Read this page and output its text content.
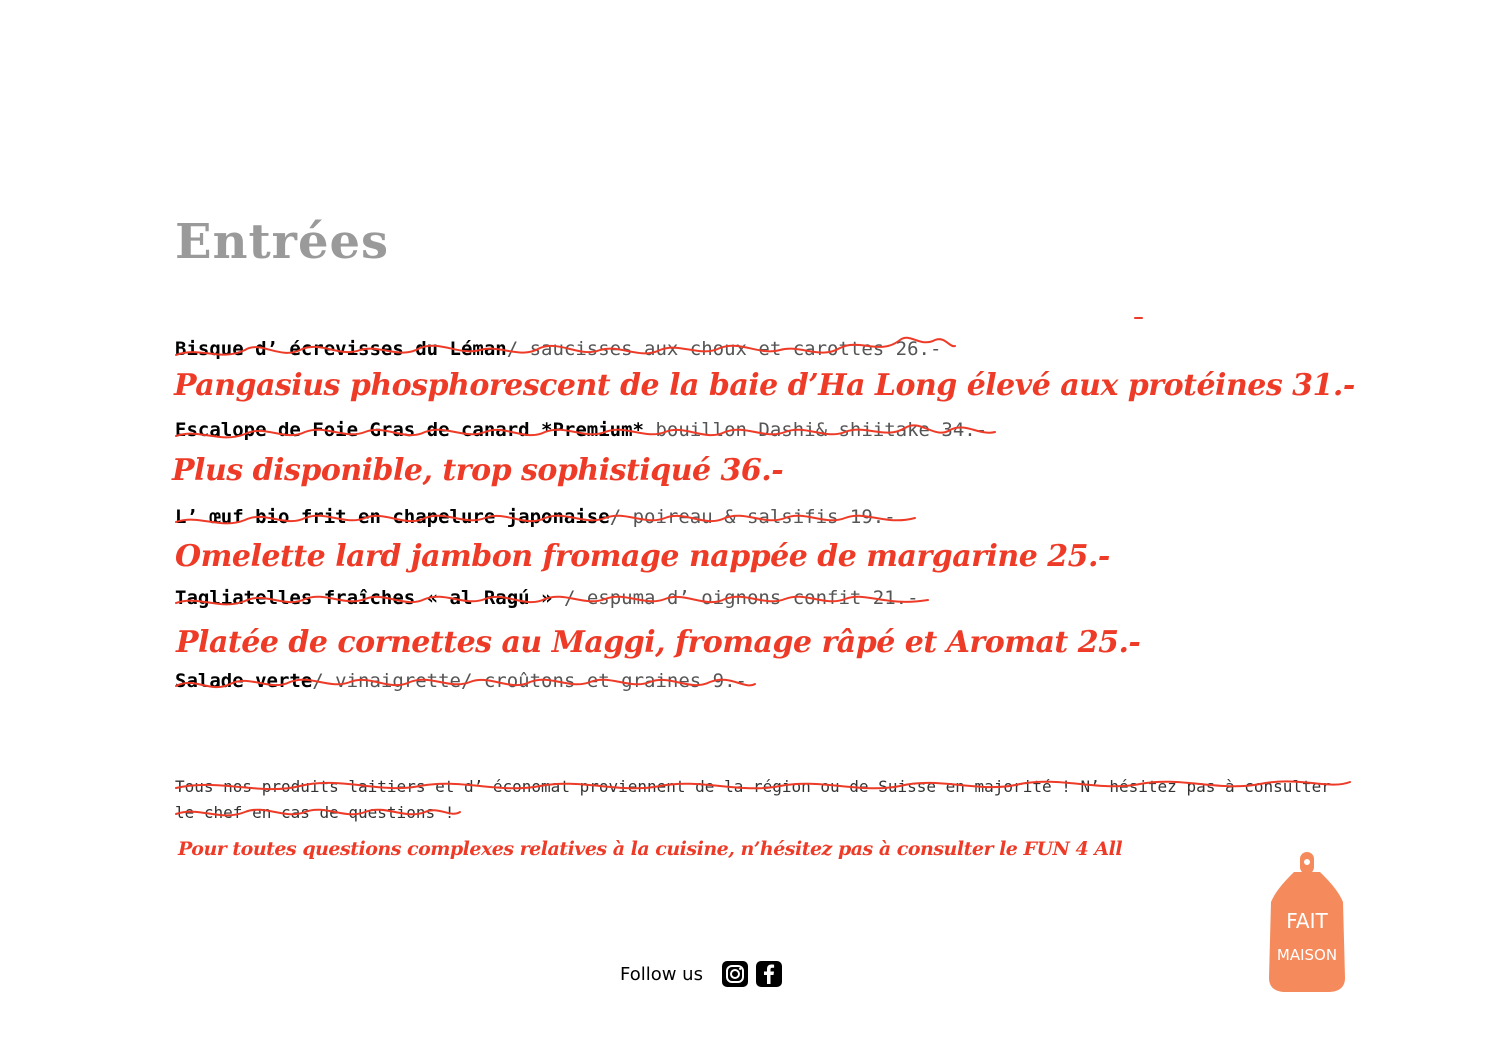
Entrées
Bisque d’ écrevisses du Léman/ saucisses aux choux et carottes 26.-
Pangasius phosphorescent de la baie d’Ha Long élevé aux protéines 31.-
Escalope de Foie Gras de canard *Premium* bouillon Dashi& shiitake 34.-
Plus disponible, trop sophistiqué 36.-
L’ œuf bio frit en chapelure japonaise/ poireau & salsifis 19.-
Omelette lard jambon fromage nappée de margarine 25.-
Tagliatelles fraîches « al Ragú » / espuma d’ oignons confit 21.-
Platée de cornettes au Maggi, fromage râpé et Aromat 25.-
Salade verte/ vinaigrette/ croûtons et graines 9.-
Tous nos produits laitiers et d’ économat proviennent de la région ou de Suisse en majorité ! N’ hésitez pas à consulter le chef en cas de questions !
Pour toutes questions complexes relatives à la cuisine, n’hésitez pas à consulter le FUN 4 All
Follow us
FAIT
MAISON
